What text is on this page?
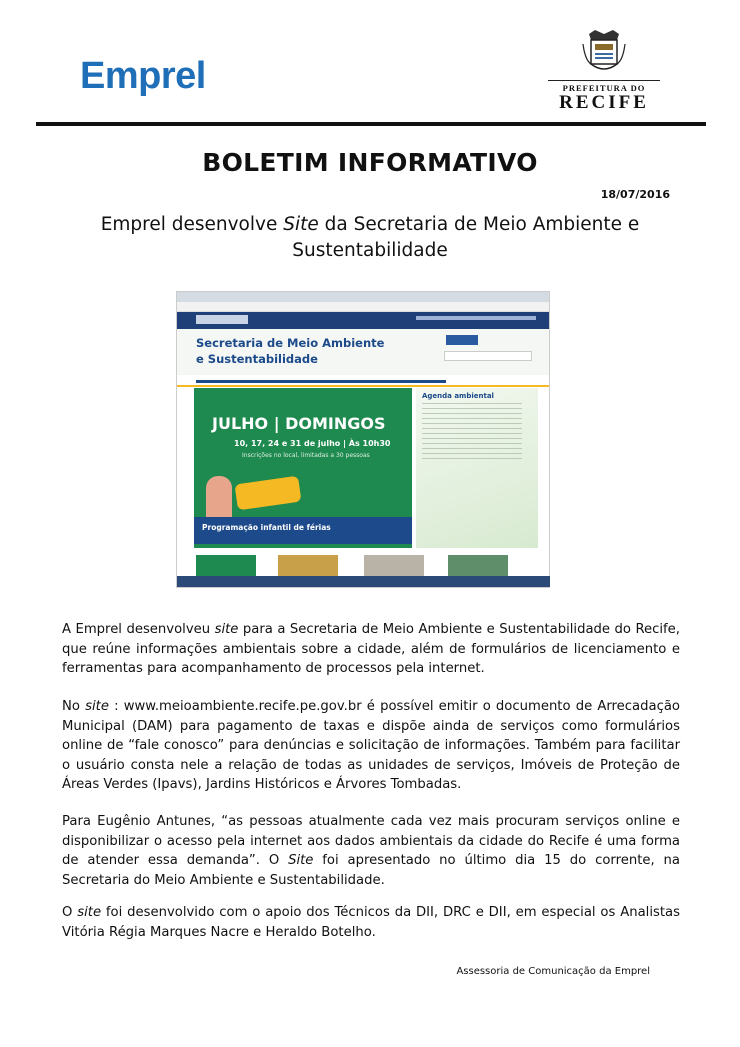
Emprel	PREFEITURA DO
RECIFE
BOLETIM INFORMATIVO
18/07/2016
Emprel desenvolve Site da Secretaria de Meio Ambiente e Sustentabilidade
Secretaria de Meio Ambiente
e Sustentabilidade
JULHO | DOMINGOS
10, 17, 24 e 31 de julho | Às 10h30
Inscrições no local, limitadas a 30 pessoas
Programação infantil de férias
Agenda ambiental
A Emprel desenvolveu site para a Secretaria de Meio Ambiente e Sustentabilidade do Recife, que reúne informações ambientais sobre a cidade, além de formulários de licenciamento e ferramentas para acompanhamento de processos pela internet.
No site : www.meioambiente.recife.pe.gov.br é possível emitir o documento de Arrecadação Municipal (DAM) para pagamento de taxas e dispõe ainda de serviços como formulários online de “fale conosco” para denúncias e solicitação de informações. Também para facilitar o usuário consta nele a relação de todas as unidades de serviços, Imóveis de Proteção de Áreas Verdes (Ipavs), Jardins Históricos e Árvores Tombadas.
Para Eugênio Antunes, “as pessoas atualmente cada vez mais procuram serviços online e disponibilizar o acesso pela internet aos dados ambientais da cidade do Recife é uma forma de atender essa demanda”. O Site foi apresentado no último dia 15 do corrente, na Secretaria do Meio Ambiente e Sustentabilidade.
O site foi desenvolvido com o apoio dos Técnicos da DII, DRC e DII, em especial os Analistas Vitória Régia Marques Nacre e Heraldo Botelho.
Assessoria de Comunicação da Emprel
